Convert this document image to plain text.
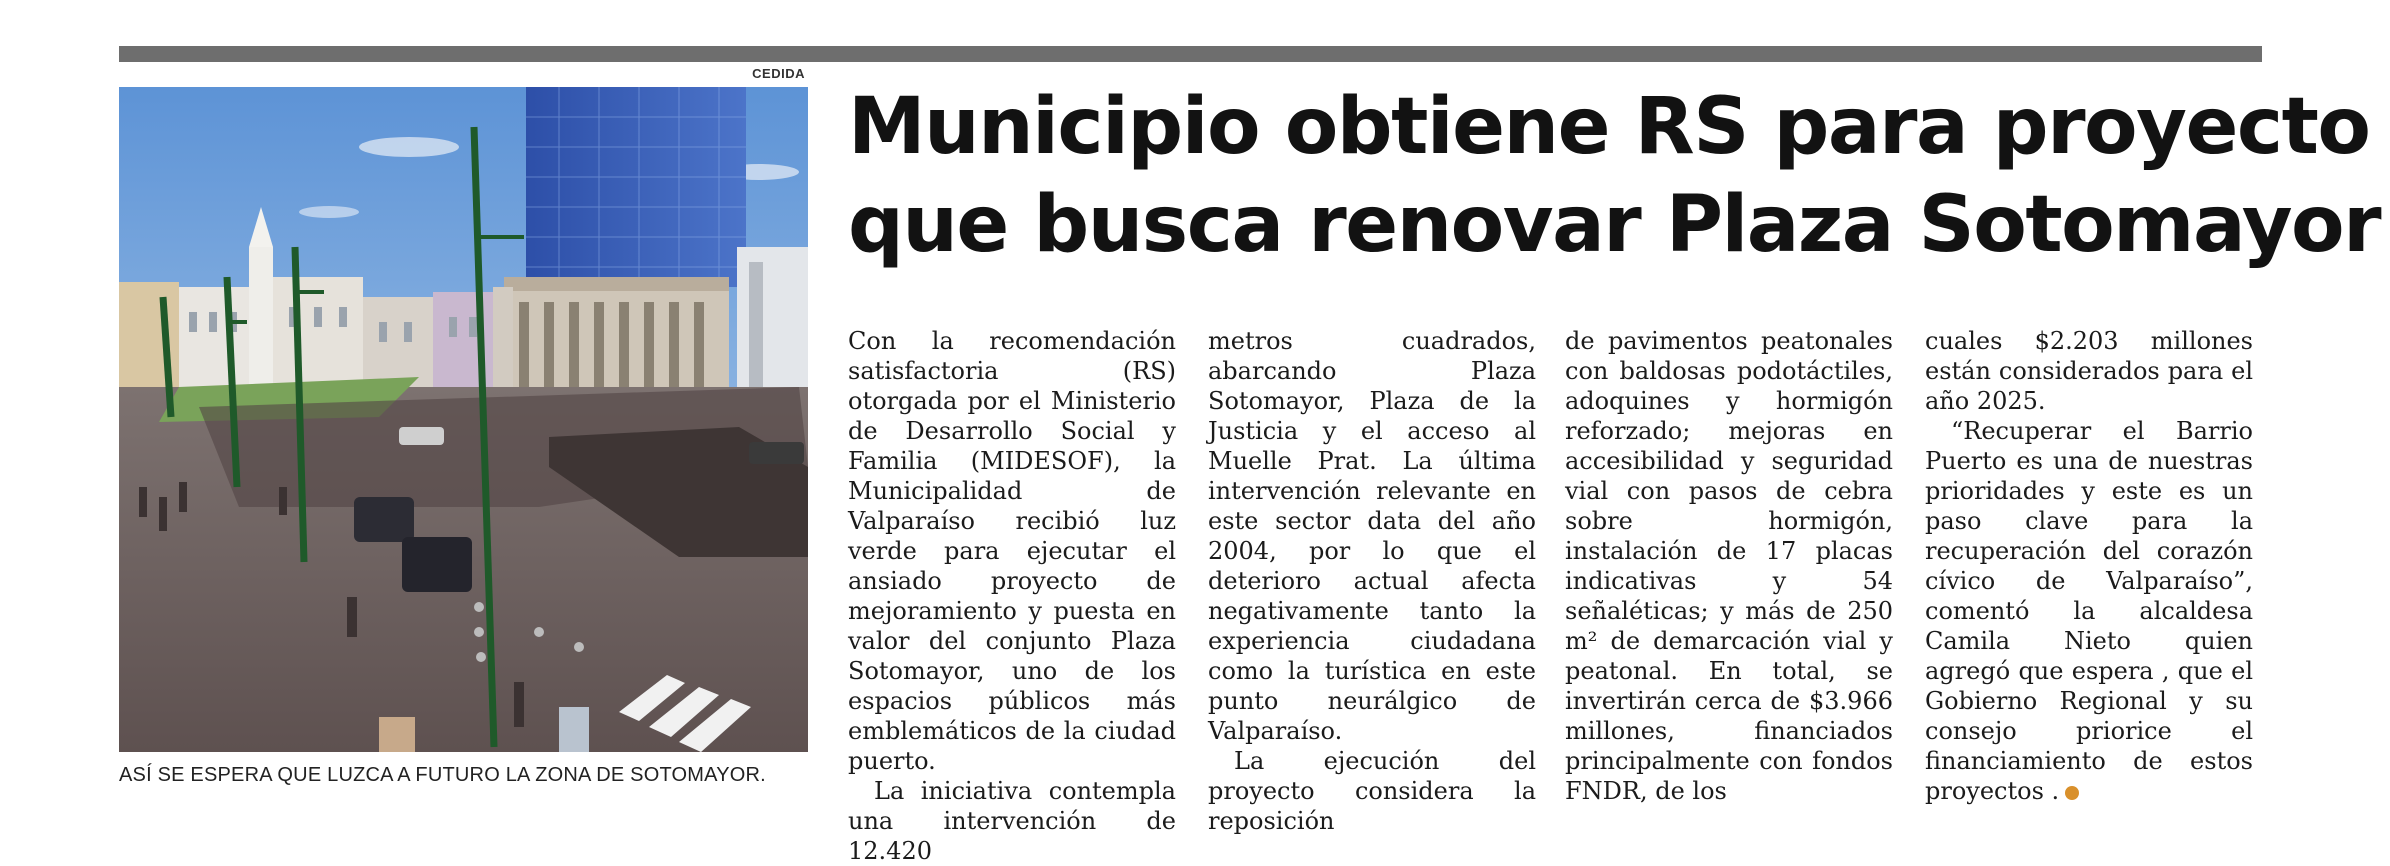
CEDIDA
ASÍ SE ESPERA QUE LUZCA A FUTURO LA ZONA DE SOTOMAYOR.
Municipio obtiene RS para proyecto
que busca renovar Plaza Sotomayor

Con la recomendación satisfactoria (RS) otorgada por el Ministerio de Desarrollo Social y Familia (MIDESOF), la Municipalidad de Valparaíso recibió luz verde para ejecutar el ansiado proyecto de mejoramiento y puesta en valor del conjunto Plaza Sotomayor, uno de los espacios públicos más emblemáticos de la ciudad puerto.

La iniciativa contempla una intervención de 12.420

metros cuadrados, abarcando Plaza Sotomayor, Plaza de la Justicia y el acceso al Muelle Prat. La última intervención relevante en este sector data del año 2004, por lo que el deterioro actual afecta negativamente tanto la experiencia ciudadana como la turística en este punto neurálgico de Valparaíso.

La ejecución del proyecto considera la reposición

de pavimentos peatonales con baldosas podotáctiles, adoquines y hormigón reforzado; mejoras en accesibilidad y seguridad vial con pasos de cebra sobre hormigón, instalación de 17 placas indicativas y 54 señaléticas; y más de 250 m² de demarcación vial y peatonal. En total, se invertirán cerca de $3.966 millones, financiados principalmente con fondos FNDR, de los

cuales $2.203 millones están considerados para el año 2025.

“Recuperar el Barrio Puerto es una de nuestras prioridades y este es un paso clave para la recuperación del corazón cívico de Valparaíso”, comentó la alcaldesa Camila Nieto quien agregó que espera , que el Gobierno Regional y su consejo priorice el financiamiento de estos proyectos .	✪
